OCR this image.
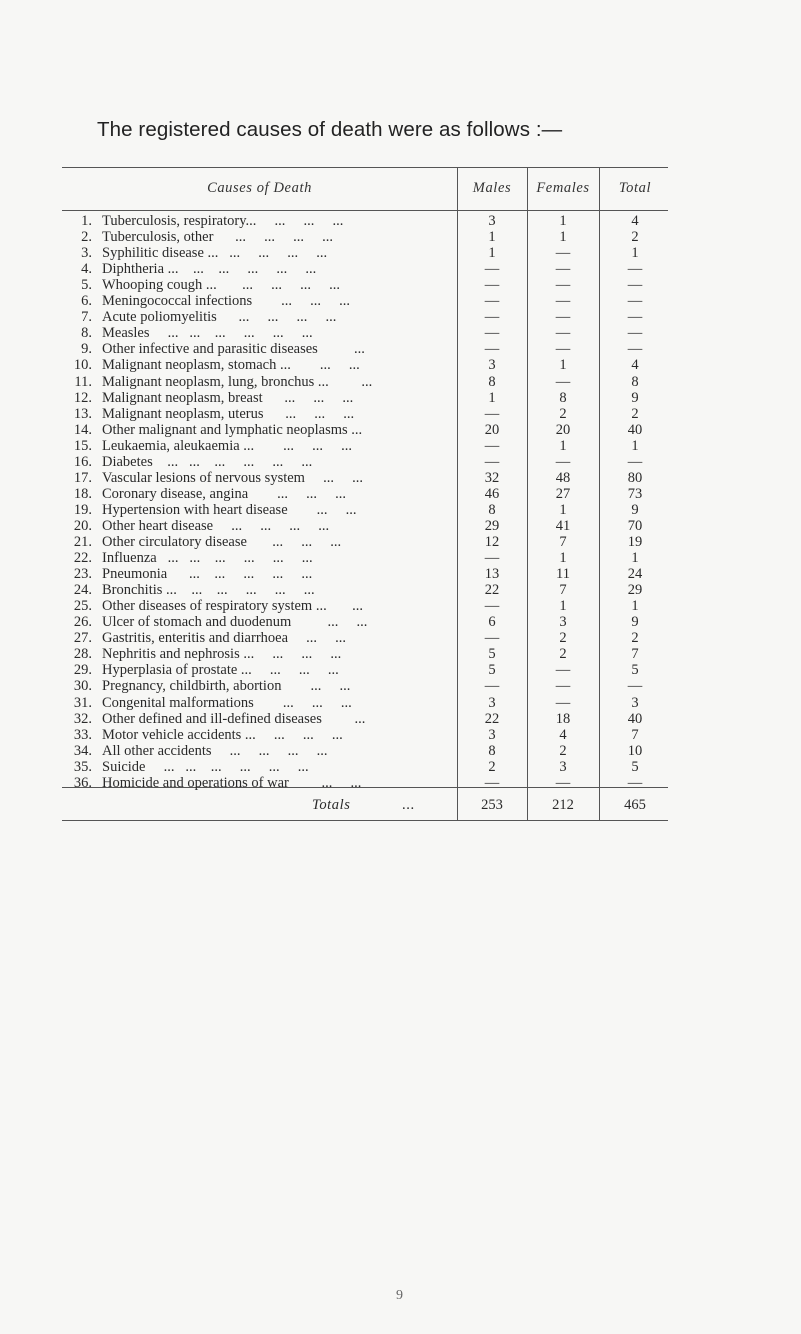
The registered causes of death were as follows :—
Causes of Death	Males	Females	Total
1. Tuberculosis, respiratory...     ...     ...     ...	3	1	4
2. Tuberculosis, other      ...     ...     ...     ...	1	1	2
3. Syphilitic disease ...   ...     ...     ...     ...	1	—	1
4. Diphtheria ...    ...    ...     ...     ...     ...	—	—	—
5. Whooping cough ...       ...     ...     ...     ...	—	—	—
6. Meningococcal infections        ...     ...     ...	—	—	—
7. Acute poliomyelitis      ...     ...     ...     ...	—	—	—
8. Measles     ...   ...    ...     ...     ...     ...	—	—	—
9. Other infective and parasitic diseases          ...	—	—	—
10. Malignant neoplasm, stomach ...        ...     ...	3	1	4
11. Malignant neoplasm, lung, bronchus ...         ...	8	—	8
12. Malignant neoplasm, breast      ...     ...     ...	1	8	9
13. Malignant neoplasm, uterus      ...     ...     ...	—	2	2
14. Other malignant and lymphatic neoplasms ...	20	20	40
15. Leukaemia, aleukaemia ...        ...     ...     ...	—	1	1
16. Diabetes    ...   ...    ...     ...     ...     ...	—	—	—
17. Vascular lesions of nervous system     ...     ...	32	48	80
18. Coronary disease, angina        ...     ...     ...	46	27	73
19. Hypertension with heart disease        ...     ...	8	1	9
20. Other heart disease     ...     ...     ...     ...	29	41	70
21. Other circulatory disease       ...     ...     ...	12	7	19
22. Influenza   ...   ...    ...     ...     ...     ...	—	1	1
23. Pneumonia      ...    ...     ...     ...     ...	13	11	24
24. Bronchitis ...    ...    ...     ...     ...     ...	22	7	29
25. Other diseases of respiratory system ...       ...	—	1	1
26. Ulcer of stomach and duodenum          ...     ...	6	3	9
27. Gastritis, enteritis and diarrhoea     ...     ...	—	2	2
28. Nephritis and nephrosis ...     ...     ...     ...	5	2	7
29. Hyperplasia of prostate ...     ...     ...     ...	5	—	5
30. Pregnancy, childbirth, abortion        ...     ...	—	—	—
31. Congenital malformations        ...     ...     ...	3	—	3
32. Other defined and ill-defined diseases         ...	22	18	40
33. Motor vehicle accidents ...     ...     ...     ...	3	4	7
34. All other accidents     ...     ...     ...     ...	8	2	10
35. Suicide     ...   ...    ...     ...     ...     ...	2	3	5
36. Homicide and operations of war         ...     ...	—	—	—
Totals	...	253	212	465
9
